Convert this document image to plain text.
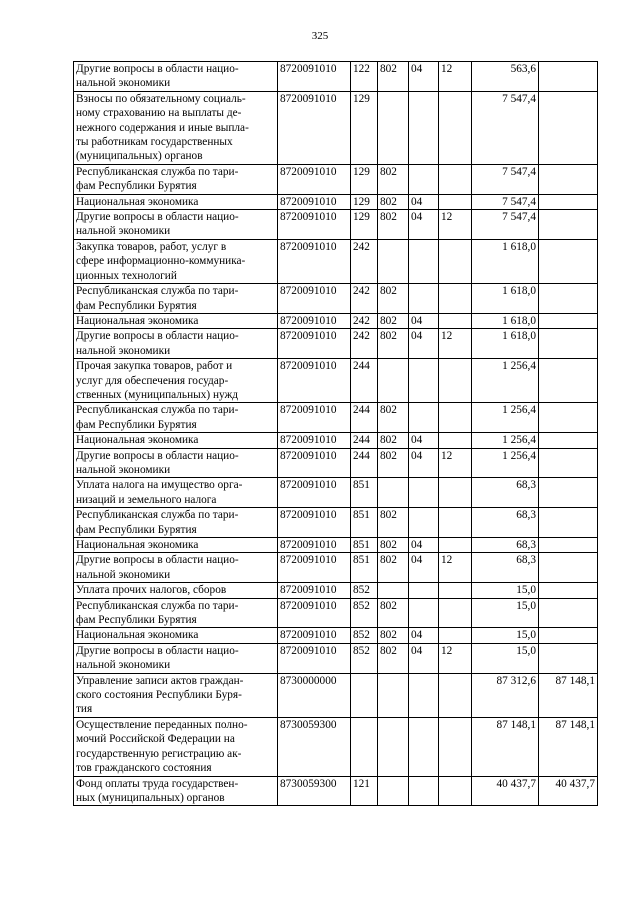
325
Другие вопросы в области нацио-
нальной экономики	8720091010	122	802	04	12	563,6	
Взносы по обязательному социаль-
ному страхованию на выплаты де-
нежного содержания и иные выпла-
ты работникам государственных
(муниципальных) органов	8720091010	129				7 547,4	
Республиканская служба по тари-
фам Республики Бурятия	8720091010	129	802			7 547,4	
Национальная экономика	8720091010	129	802	04		7 547,4	
Другие вопросы в области нацио-
нальной экономики	8720091010	129	802	04	12	7 547,4	
Закупка товаров, работ, услуг в
сфере информационно-коммуника-
ционных технологий	8720091010	242				1 618,0	
Республиканская служба по тари-
фам Республики Бурятия	8720091010	242	802			1 618,0	
Национальная экономика	8720091010	242	802	04		1 618,0	
Другие вопросы в области нацио-
нальной экономики	8720091010	242	802	04	12	1 618,0	
Прочая закупка товаров, работ и
услуг для обеспечения государ-
ственных (муниципальных) нужд	8720091010	244				1 256,4	
Республиканская служба по тари-
фам Республики Бурятия	8720091010	244	802			1 256,4	
Национальная экономика	8720091010	244	802	04		1 256,4	
Другие вопросы в области нацио-
нальной экономики	8720091010	244	802	04	12	1 256,4	
Уплата налога на имущество орга-
низаций и земельного налога	8720091010	851				68,3	
Республиканская служба по тари-
фам Республики Бурятия	8720091010	851	802			68,3	
Национальная экономика	8720091010	851	802	04		68,3	
Другие вопросы в области нацио-
нальной экономики	8720091010	851	802	04	12	68,3	
Уплата прочих налогов, сборов	8720091010	852				15,0	
Республиканская служба по тари-
фам Республики Бурятия	8720091010	852	802			15,0	
Национальная экономика	8720091010	852	802	04		15,0	
Другие вопросы в области нацио-
нальной экономики	8720091010	852	802	04	12	15,0	
Управление записи актов граждан-
ского состояния Республики Буря-
тия	8730000000					87 312,6	87 148,1
Осуществление переданных полно-
мочий Российской Федерации на
государственную регистрацию ак-
тов гражданского состояния	8730059300					87 148,1	87 148,1
Фонд оплаты труда государствен-
ных (муниципальных) органов	8730059300	121				40 437,7	40 437,7
